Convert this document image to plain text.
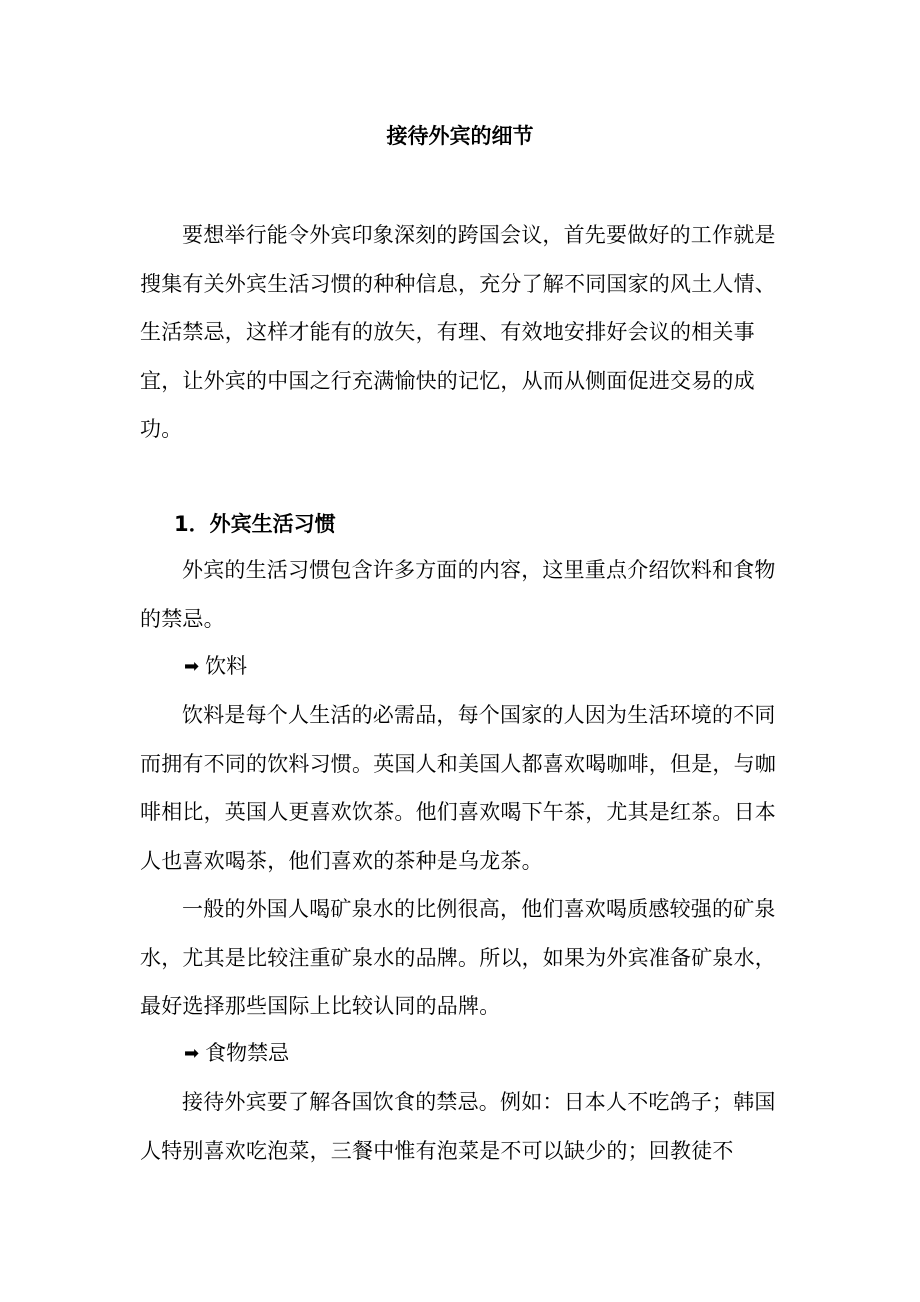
接待外宾的细节

要想举行能令外宾印象深刻的跨国会议，首先要做好的工作就是搜集有关外宾生活习惯的种种信息，充分了解不同国家的风土人情、生活禁忌，这样才能有的放矢，有理、有效地安排好会议的相关事宜，让外宾的中国之行充满愉快的记忆，从而从侧面促进交易的成功。

1．外宾生活习惯

外宾的生活习惯包含许多方面的内容，这里重点介绍饮料和食物的禁忌。

➡ 饮料

饮料是每个人生活的必需品，每个国家的人因为生活环境的不同而拥有不同的饮料习惯。英国人和美国人都喜欢喝咖啡，但是，与咖啡相比，英国人更喜欢饮茶。他们喜欢喝下午茶，尤其是红茶。日本人也喜欢喝茶，他们喜欢的茶种是乌龙茶。

一般的外国人喝矿泉水的比例很高，他们喜欢喝质感较强的矿泉水，尤其是比较注重矿泉水的品牌。所以，如果为外宾准备矿泉水，最好选择那些国际上比较认同的品牌。

➡ 食物禁忌

接待外宾要了解各国饮食的禁忌。例如：日本人不吃鸽子；韩国人特别喜欢吃泡菜，三餐中惟有泡菜是不可以缺少的；回教徒不
